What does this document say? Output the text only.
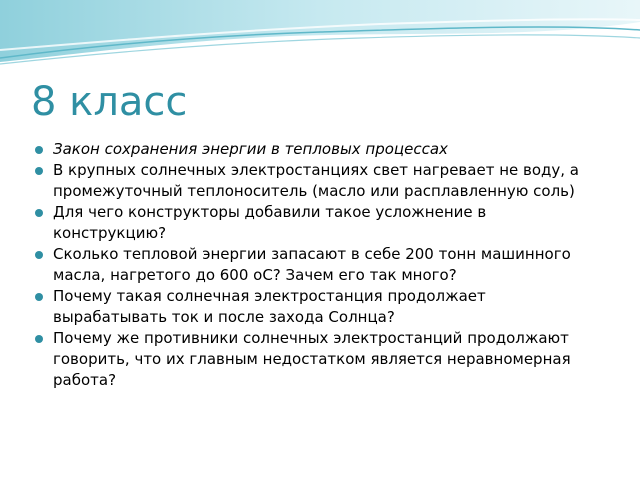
8 класс
Закон сохранения энергии в тепловых процессах
В крупных солнечных электростанциях свет нагревает не воду, а промежуточный теплоноситель (масло или расплавленную соль)
Для чего конструкторы добавили такое усложнение в конструкцию?
Сколько тепловой энергии запасают в себе 200 тонн машинного масла, нагретого до 600 оС? Зачем его так много?
Почему такая солнечная электростанция продолжает вырабатывать ток и после захода Солнца?
Почему же противники солнечных электростанций продолжают говорить, что их главным недостатком является неравномерная работа?
